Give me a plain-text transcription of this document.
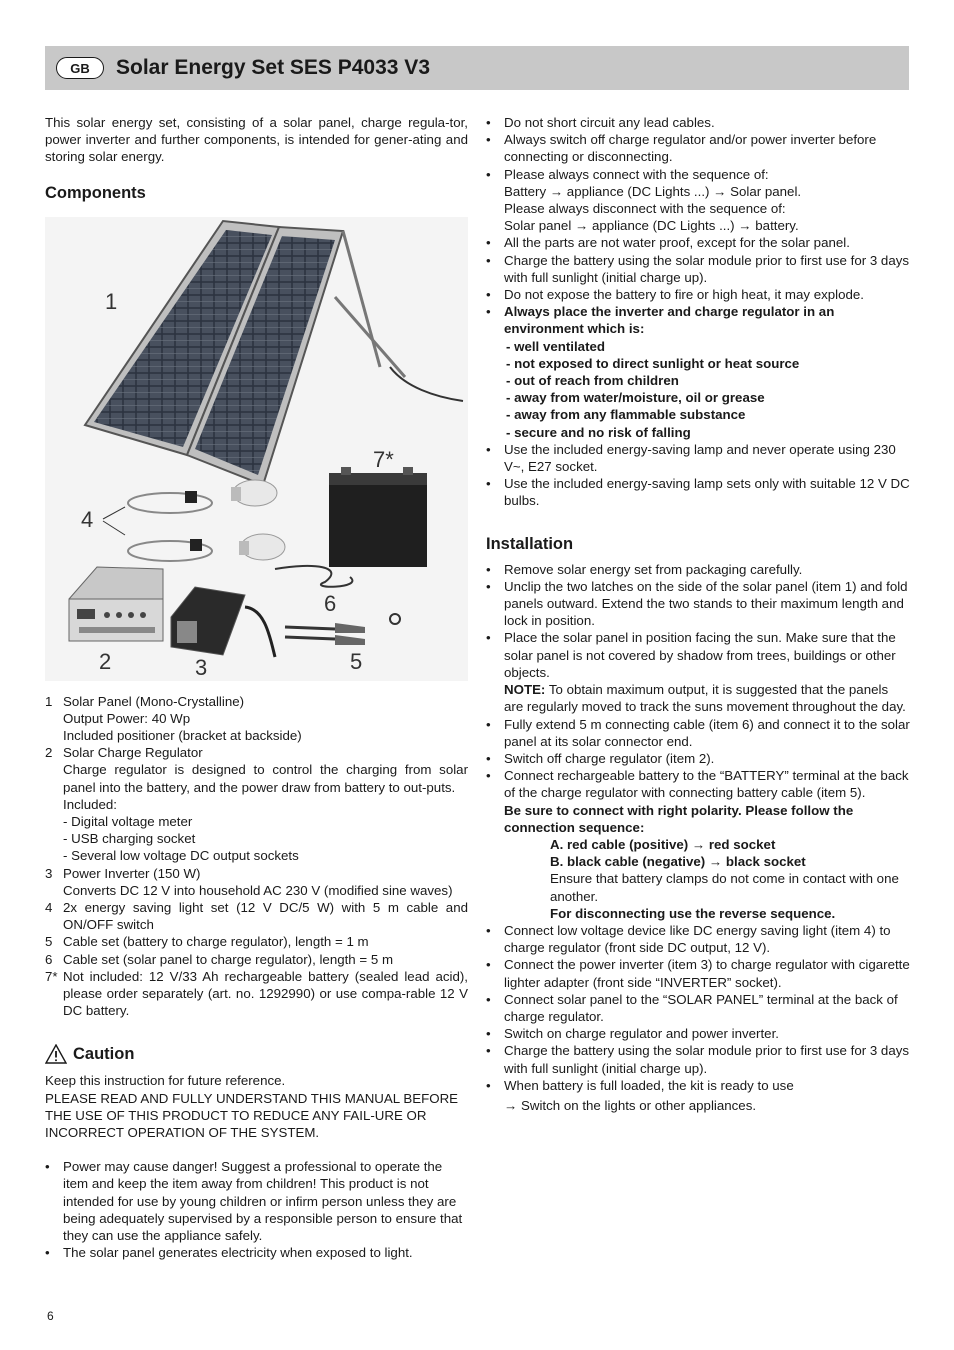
GB	Solar Energy Set SES P4033 V3

This solar energy set, consisting of a solar panel, charge regula-tor, power inverter and further components, is intended for gener-ating and storing solar energy.

Components
1
2	3
4
5
6
7*
1 Solar Panel (Mono-Crystalline)

Output Power: 40 Wp

Included positioner (bracket at backside)

2 Solar Charge Regulator

Charge regulator is designed to control the charging from solar panel into the battery, and the power draw from battery to out-puts.

Included:

- Digital voltage meter

- USB charging socket

- Several low voltage DC output sockets

3 Power Inverter (150 W)

Converts DC 12 V into household AC 230 V (modified sine waves)

4 2x energy saving light set (12 V DC/5 W) with 5 m cable and ON/OFF switch

5 Cable set (battery to charge regulator), length = 1 m

6 Cable set (solar panel to charge regulator), length = 5 m

7* Not included: 12 V/33 Ah rechargeable battery (sealed lead acid), please order separately (art. no. 1292990) or use compa-rable 12 V DC battery.

Caution

Keep this instruction for future reference.

PLEASE READ AND FULLY UNDERSTAND THIS MANUAL BEFORE THE USE OF THIS PRODUCT TO REDUCE ANY FAIL-URE OR INCORRECT OPERATION OF THE SYSTEM.

•	Power may cause danger! Suggest a professional to operate the item and keep the item away from children! This product is not intended for use by young children or infirm person unless they are being adequately supervised by a responsible person to ensure that they can use the appliance safely.
•	The solar panel generates electricity when exposed to light.
•	Do not short circuit any lead cables.
•	Always switch off charge regulator and/or power inverter before connecting or disconnecting.
•	Please always connect with the sequence of:

Battery → appliance (DC Lights ...) → Solar panel.

Please always disconnect with the sequence of:

Solar panel → appliance (DC Lights ...) → battery.

•	All the parts are not water proof, except for the solar panel.
•	Charge the battery using the solar module prior to first use for 3 days with full sunlight (initial charge up).
•	Do not expose the battery to fire or high heat, it may explode.
•	Always place the inverter and charge regulator in an environment which is:

- well ventilated

- not exposed to direct sunlight or heat source

- out of reach from children

- away from water/moisture, oil or grease

- away from any flammable substance

- secure and no risk of falling

•	Use the included energy-saving lamp and never operate using 230 V~, E27 socket.
•	Use the included energy-saving lamp sets only with suitable 12 V DC bulbs.
Installation
•	Remove solar energy set from packaging carefully.
•	Unclip the two latches on the side of the solar panel (item 1) and fold panels outward. Extend the two stands to their maximum length and lock in position.
•	Place the solar panel in position facing the sun. Make sure that the solar panel is not covered by shadow from trees, buildings or other objects.

NOTE: To obtain maximum output, it is suggested that the panels are regularly moved to track the suns movement throughout the day.

•	Fully extend 5 m connecting cable (item 6) and connect it to the solar panel at its solar connector end.
•	Switch off charge regulator (item 2).
•	Connect rechargeable battery to the “BATTERY” terminal at the back of the charge regulator with connecting battery cable (item 5).

Be sure to connect with right polarity. Please follow the connection sequence:

A. red cable (positive) → red socket

B. black cable (negative) → black socket

Ensure that battery clamps do not come in contact with one another.

For disconnecting use the reverse sequence.

•	Connect low voltage device like DC energy saving light (item 4) to charge regulator (front side DC output, 12 V).
•	Connect the power inverter (item 3) to charge regulator with cigarette lighter adapter (front side “INVERTER” socket).
•	Connect solar panel to the “SOLAR PANEL” terminal at the back of charge regulator.
•	Switch on charge regulator and power inverter.
•	Charge the battery using the solar module prior to first use for 3 days with full sunlight (initial charge up).
•	When battery is full loaded, the kit is ready to use

→ Switch on the lights or other appliances.

6
